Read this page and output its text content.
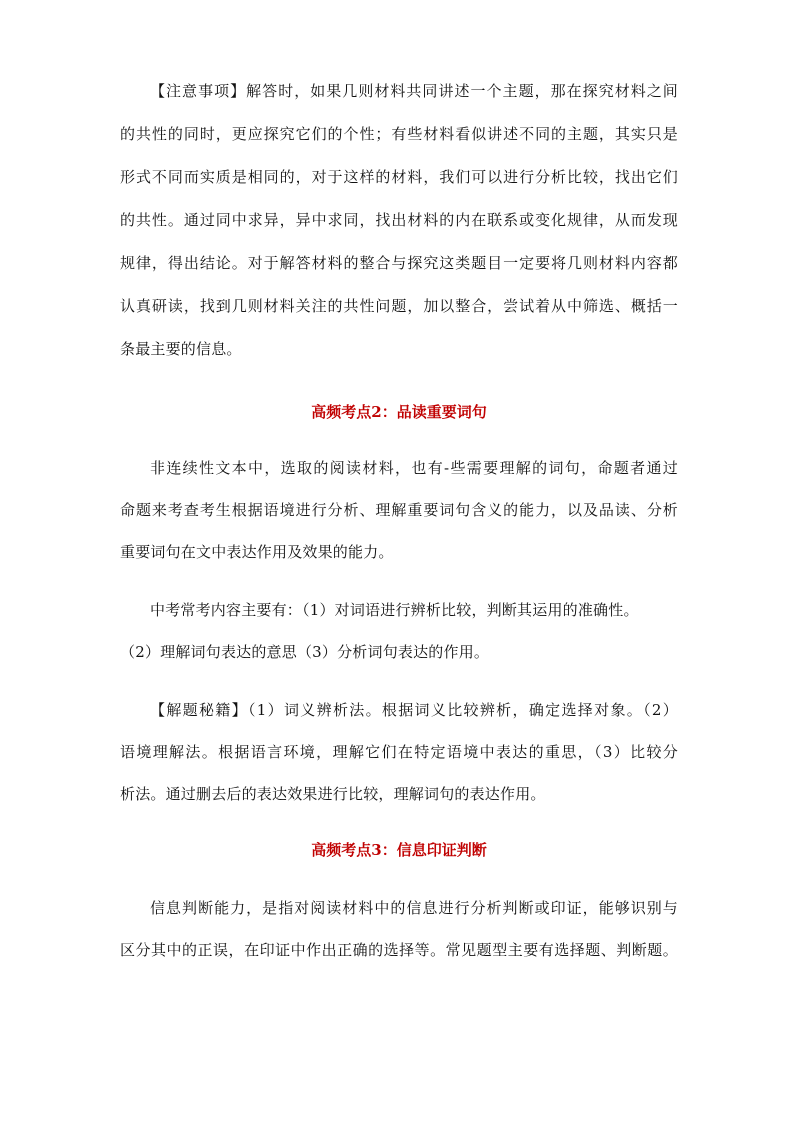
【注意事项】解答时，如果几则材料共同讲述一个主题，那在探究材料之间
的共性的同时，更应探究它们的个性；有些材料看似讲述不同的主题，其实只是
形式不同而实质是相同的，对于这样的材料，我们可以进行分析比较，找出它们
的共性。通过同中求异，异中求同，找出材料的内在联系或变化规律，从而发现
规律，得出结论。对于解答材料的整合与探究这类题目一定要将几则材料内容都
认真研读，找到几则材料关注的共性问题，加以整合，尝试着从中筛选、概括一
条最主要的信息。
高频考点2：品读重要词句
非连续性文本中，选取的阅读材料，也有-些需要理解的词句，命题者通过
命题来考查考生根据语境进行分析、理解重要词句含义的能力，以及品读、分析
重要词句在文中表达作用及效果的能力。
中考常考内容主要有：（1）对词语进行辨析比较，判断其运用的准确性。
（2）理解词句表达的意思（3）分析词句表达的作用。
【解题秘籍】（1）词义辨析法。根据词义比较辨析，确定选择对象。（2）
语境理解法。根据语言环境，理解它们在特定语境中表达的重思，（3）比较分
析法。通过删去后的表达效果进行比较，理解词句的表达作用。
高频考点3：信息印证判断
信息判断能力，是指对阅读材料中的信息进行分析判断或印证，能够识别与
区分其中的正误，在印证中作出正确的选择等。常见题型主要有选择题、判断题。
